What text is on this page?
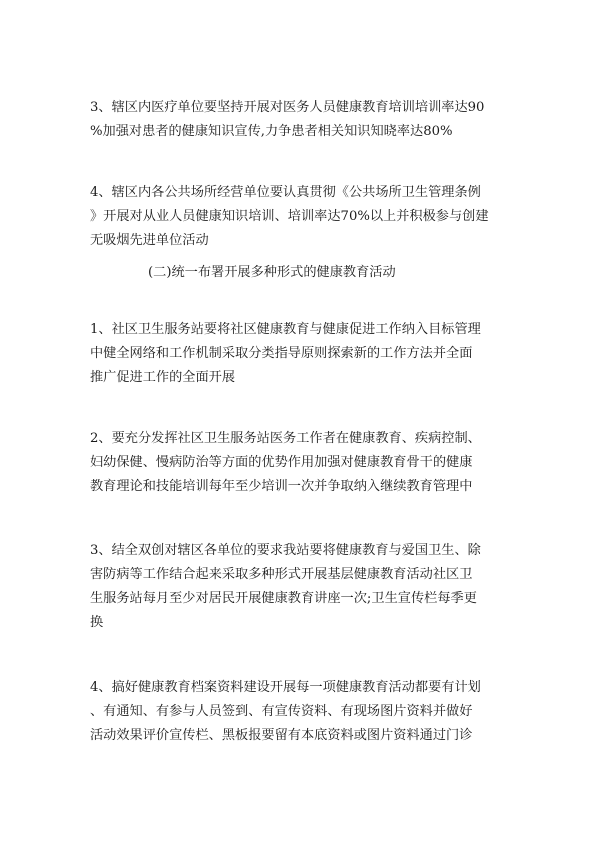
3、辖区内医疗单位要坚持开展对医务人员健康教育培训培训率达90
%加强对患者的健康知识宣传,力争患者相关知识知晓率达80%

4、辖区内各公共场所经营单位要认真贯彻《公共场所卫生管理条例
》开展对从业人员健康知识培训、培训率达70%以上并积极参与创建
无吸烟先进单位活动

(二)统一布署开展多种形式的健康教育活动

1、社区卫生服务站要将社区健康教育与健康促进工作纳入目标管理
中健全网络和工作机制采取分类指导原则探索新的工作方法并全面
推广促进工作的全面开展

2、要充分发挥社区卫生服务站医务工作者在健康教育、疾病控制、
妇幼保健、慢病防治等方面的优势作用加强对健康教育骨干的健康
教育理论和技能培训每年至少培训一次并争取纳入继续教育管理中

3、结全双创对辖区各单位的要求我站要将健康教育与爱国卫生、除
害防病等工作结合起来采取多种形式开展基层健康教育活动社区卫
生服务站每月至少对居民开展健康教育讲座一次;卫生宣传栏每季更
换

4、搞好健康教育档案资料建设开展每一项健康教育活动都要有计划
、有通知、有参与人员签到、有宣传资料、有现场图片资料并做好
活动效果评价宣传栏、黑板报要留有本底资料或图片资料通过门诊
